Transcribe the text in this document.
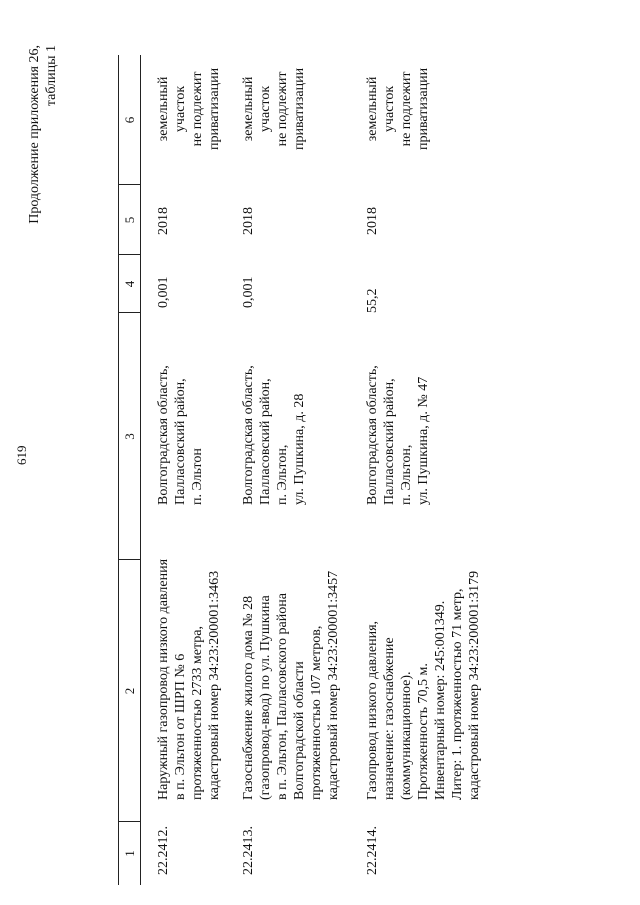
619
Продолжение приложения 26, таблицы 1
1
2
3
4
5
6
22.2412.
Наружный газопровод низкого давления в п. Эльтон от ШРП № 6 протяженностью 2733 метра, кадастровый номер 34:23:200001:3463
Волгоградская область, Палласовский район, п. Эльтон
0,001
2018
земельный участок не подлежит приватизации
22.2413.
Газоснабжение жилого дома № 28 (газопровод-ввод) по ул. Пушкина в п. Эльтон, Палласовского района Волгоградской области протяженностью 107 метров, кадастровый номер 34:23:200001:3457
Волгоградская область, Палласовский район, п. Эльтон, ул. Пушкина, д. 28
0,001
2018
земельный участок не подлежит приватизации
22.2414.
Газопровод низкого давления, назначение: газоснабжение (коммуникационное). Протяженность 70,5 м. Инвентарный номер: 245:001349. Литер: 1. протяженностью 71 метр, кадастровый номер 34:23:200001:3179
Волгоградская область, Палласовский район, п. Эльтон, ул. Пушкина, д. № 47
55,2
2018
земельный участок не подлежит приватизации
